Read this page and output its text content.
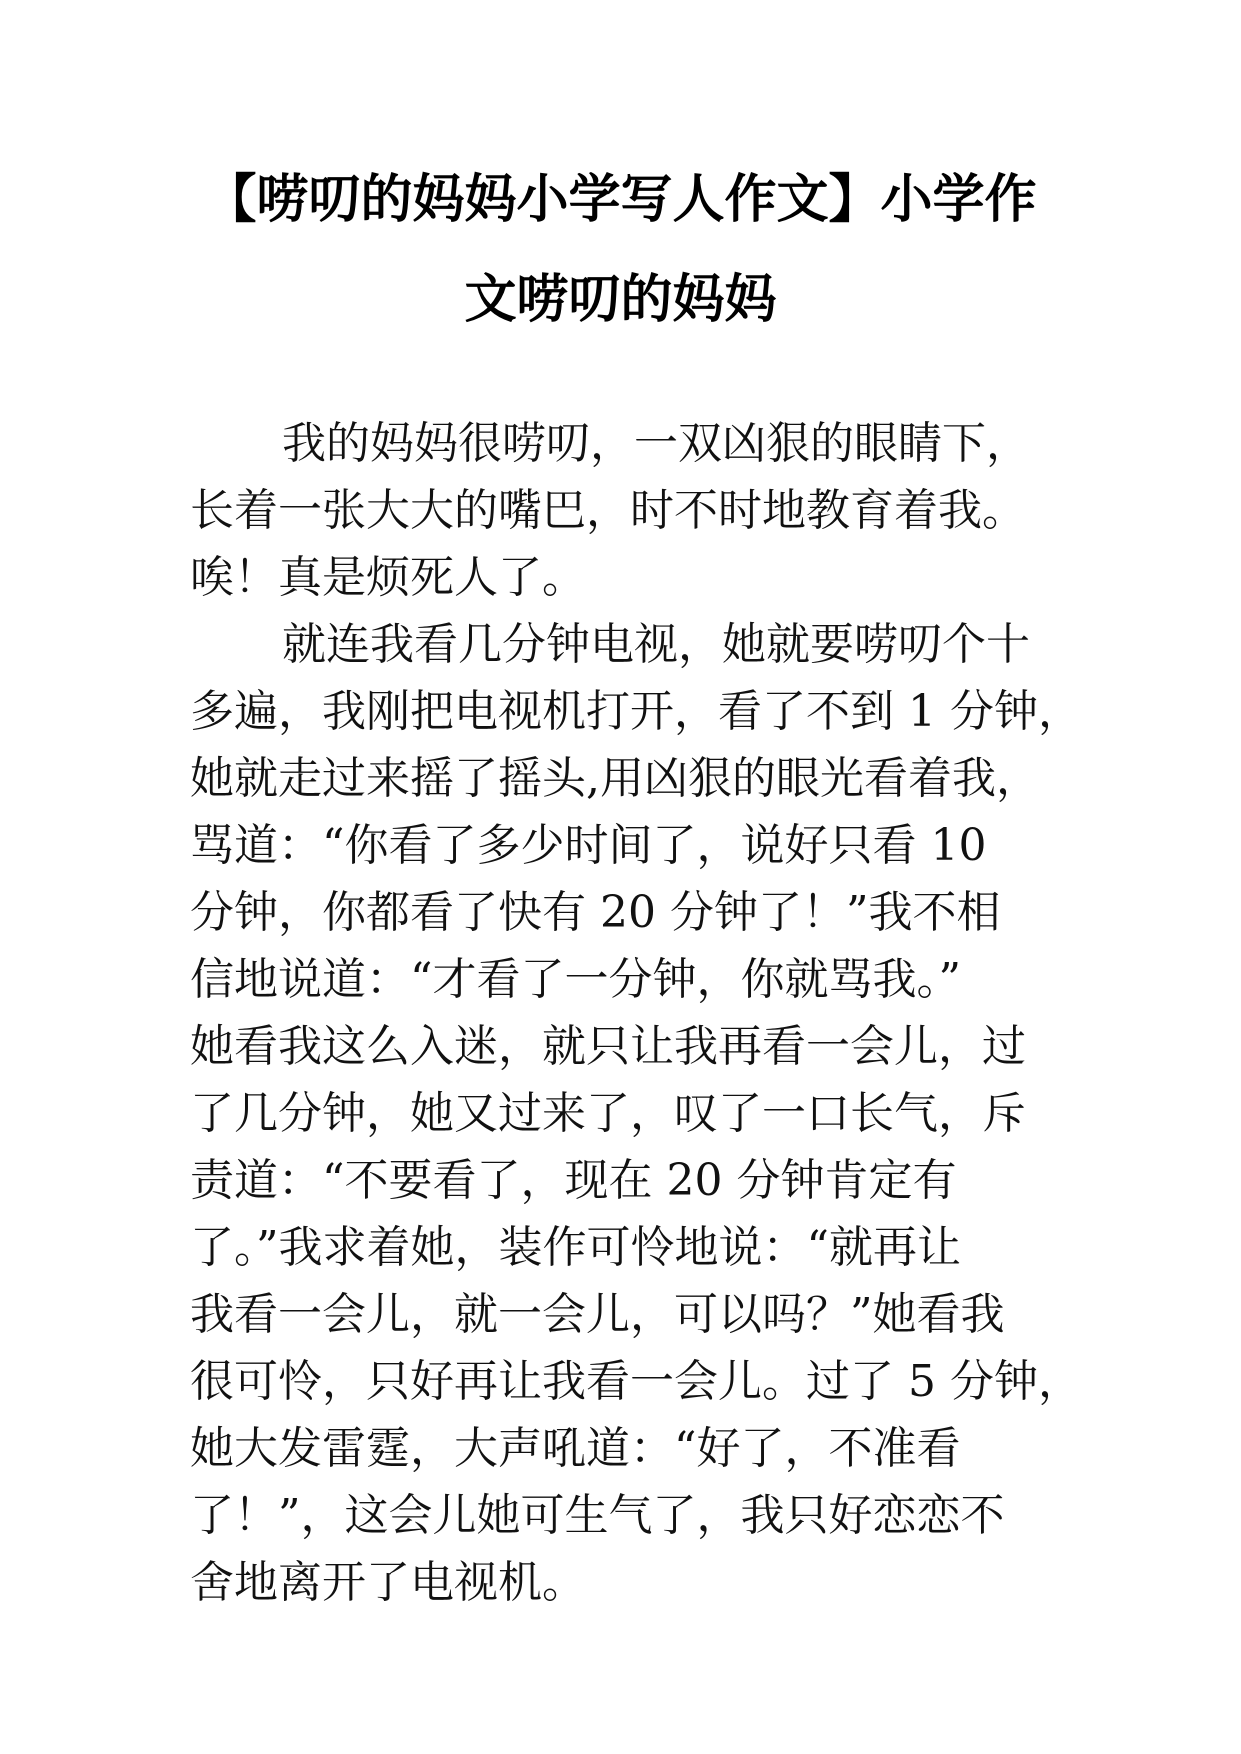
【唠叨的妈妈小学写人作文】小学作
文唠叨的妈妈
我的妈妈很唠叨，一双凶狠的眼睛下，
长着一张大大的嘴巴，时不时地教育着我。
唉！真是烦死人了。
就连我看几分钟电视，她就要唠叨个十
多遍，我刚把电视机打开，看了不到 1 分钟，
她就走过来摇了摇头,用凶狠的眼光看着我，
骂道：“你看了多少时间了，说好只看 10
分钟，你都看了快有 20 分钟了！”我不相
信地说道：“才看了一分钟，你就骂我。”
她看我这么入迷，就只让我再看一会儿，过
了几分钟，她又过来了，叹了一口长气，斥
责道：“不要看了，现在 20 分钟肯定有
了。”我求着她，装作可怜地说：“就再让
我看一会儿，就一会儿，可以吗？”她看我
很可怜，只好再让我看一会儿。过了 5 分钟，
她大发雷霆，大声吼道：“好了，不准看
了！”，这会儿她可生气了，我只好恋恋不
舍地离开了电视机。
